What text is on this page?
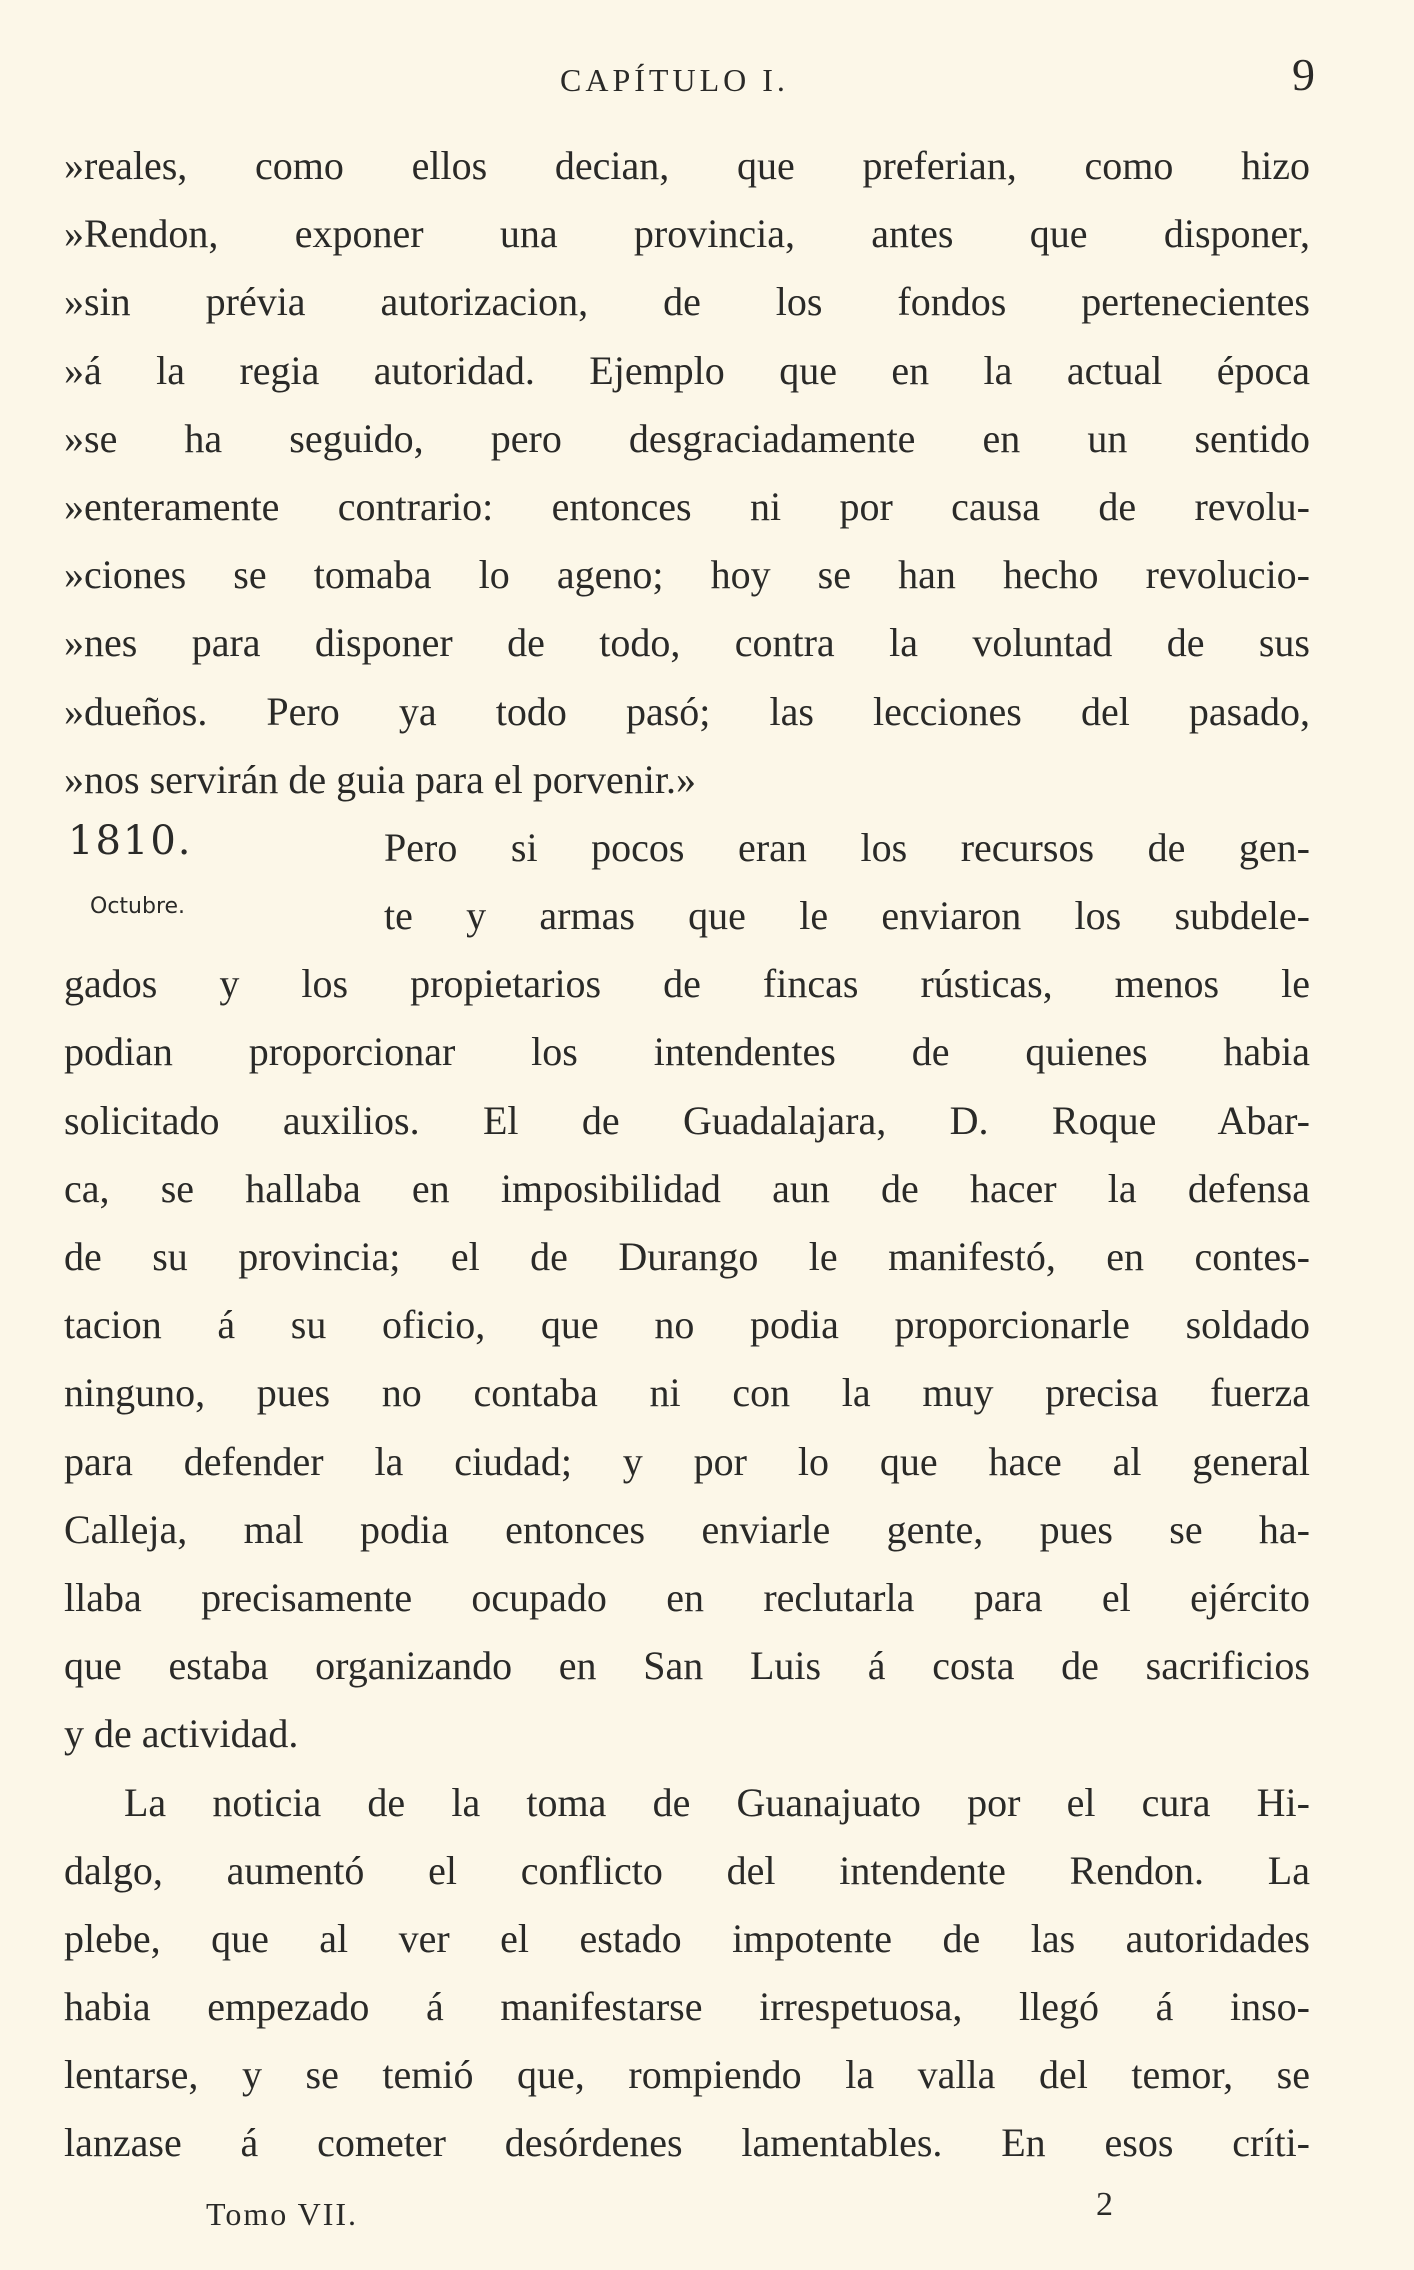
CAPÍTULO I.	9
»reales, como ellos decian, que preferian, como hizo
»Rendon, exponer una provincia, antes que disponer,
»sin prévia autorizacion, de los fondos pertenecientes
»á la regia autoridad. Ejemplo que en la actual época
»se ha seguido, pero desgraciadamente en un sentido
»enteramente contrario: entonces ni por causa de revolu-
»ciones se tomaba lo ageno; hoy se han hecho revolucio-
»nes para disponer de todo, contra la voluntad de sus
»dueños. Pero ya todo pasó; las lecciones del pasado,
»nos servirán de guia para el porvenir.»
1810.
Octubre.
Pero si pocos eran los recursos de gen-
te y armas que le enviaron los subdele-
gados y los propietarios de fincas rústicas, menos le
podian proporcionar los intendentes de quienes habia
solicitado auxilios. El de Guadalajara, D. Roque Abar-
ca, se hallaba en imposibilidad aun de hacer la defensa
de su provincia; el de Durango le manifestó, en contes-
tacion á su oficio, que no podia proporcionarle soldado
ninguno, pues no contaba ni con la muy precisa fuerza
para defender la ciudad; y por lo que hace al general
Calleja, mal podia entonces enviarle gente, pues se ha-
llaba precisamente ocupado en reclutarla para el ejército
que estaba organizando en San Luis á costa de sacrificios
y de actividad.
La noticia de la toma de Guanajuato por el cura Hi-
dalgo, aumentó el conflicto del intendente Rendon. La
plebe, que al ver el estado impotente de las autoridades
habia empezado á manifestarse irrespetuosa, llegó á inso-
lentarse, y se temió que, rompiendo la valla del temor, se
lanzase á cometer desórdenes lamentables. En esos críti-
Tomo VII.	2
